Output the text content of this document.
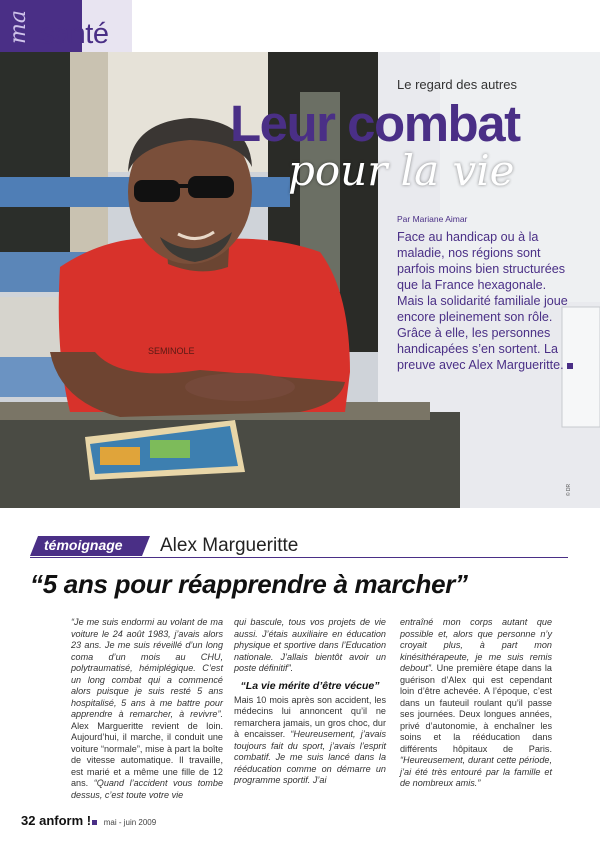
ma santé
SEMINOLE
Le regard des autres
Leur combat
pour la vie
Par Mariane Aimar
Face au handicap ou à la maladie, nos régions sont parfois moins bien structurées que la France hexagonale. Mais la solidarité familiale joue encore pleinement son rôle. Grâce à elle, les personnes handicapées s’en sortent. La preuve avec Alex Margueritte.
© DR
témoignage Alex Margueritte
“5 ans pour réapprendre à marcher”

“Je me suis endormi au volant de ma voiture le 24 août 1983, j’avais alors 23 ans. Je me suis réveillé d’un long coma d’un mois au CHU, polytraumatisé, hémiplégique. C’est un long combat qui a commencé alors puisque je suis resté 5 ans hospitalisé, 5 ans à me battre pour apprendre à remarcher, à revivre”. Alex Margueritte revient de loin. Aujourd’hui, il marche, il conduit une voiture “normale”, mise à part la boîte de vitesse automatique. Il travaille, est marié et a même une fille de 12 ans. “Quand l’accident vous tombe dessus, c’est toute votre vie

qui bascule, tous vos projets de vie aussi. J’étais auxiliaire en éducation physique et sportive dans l’Education nationale. J’allais bientôt avoir un poste définitif”.

“La vie mérite d’être vécue”

Mais 10 mois après son accident, les médecins lui annoncent qu’il ne remarchera jamais, un gros choc, dur à encaisser. “Heureusement, j’avais toujours fait du sport, j’avais l’esprit combatif. Je me suis lancé dans la rééducation comme on démarre un programme sportif. J’ai

entraîné mon corps autant que possible et, alors que personne n’y croyait plus, à part mon kinésithérapeute, je me suis remis debout”. Une première étape dans la guérison d’Alex qui est cependant loin d’être achevée. A l’époque, c’est dans un fauteuil roulant qu’il passe ses journées. Deux longues années, privé d’autonomie, à enchaîner les soins et la rééducation dans différents hôpitaux de Paris. “Heureusement, durant cette période, j’ai été très entouré par la famille et de nombreux amis.”

32 anform ! mai - juin 2009
